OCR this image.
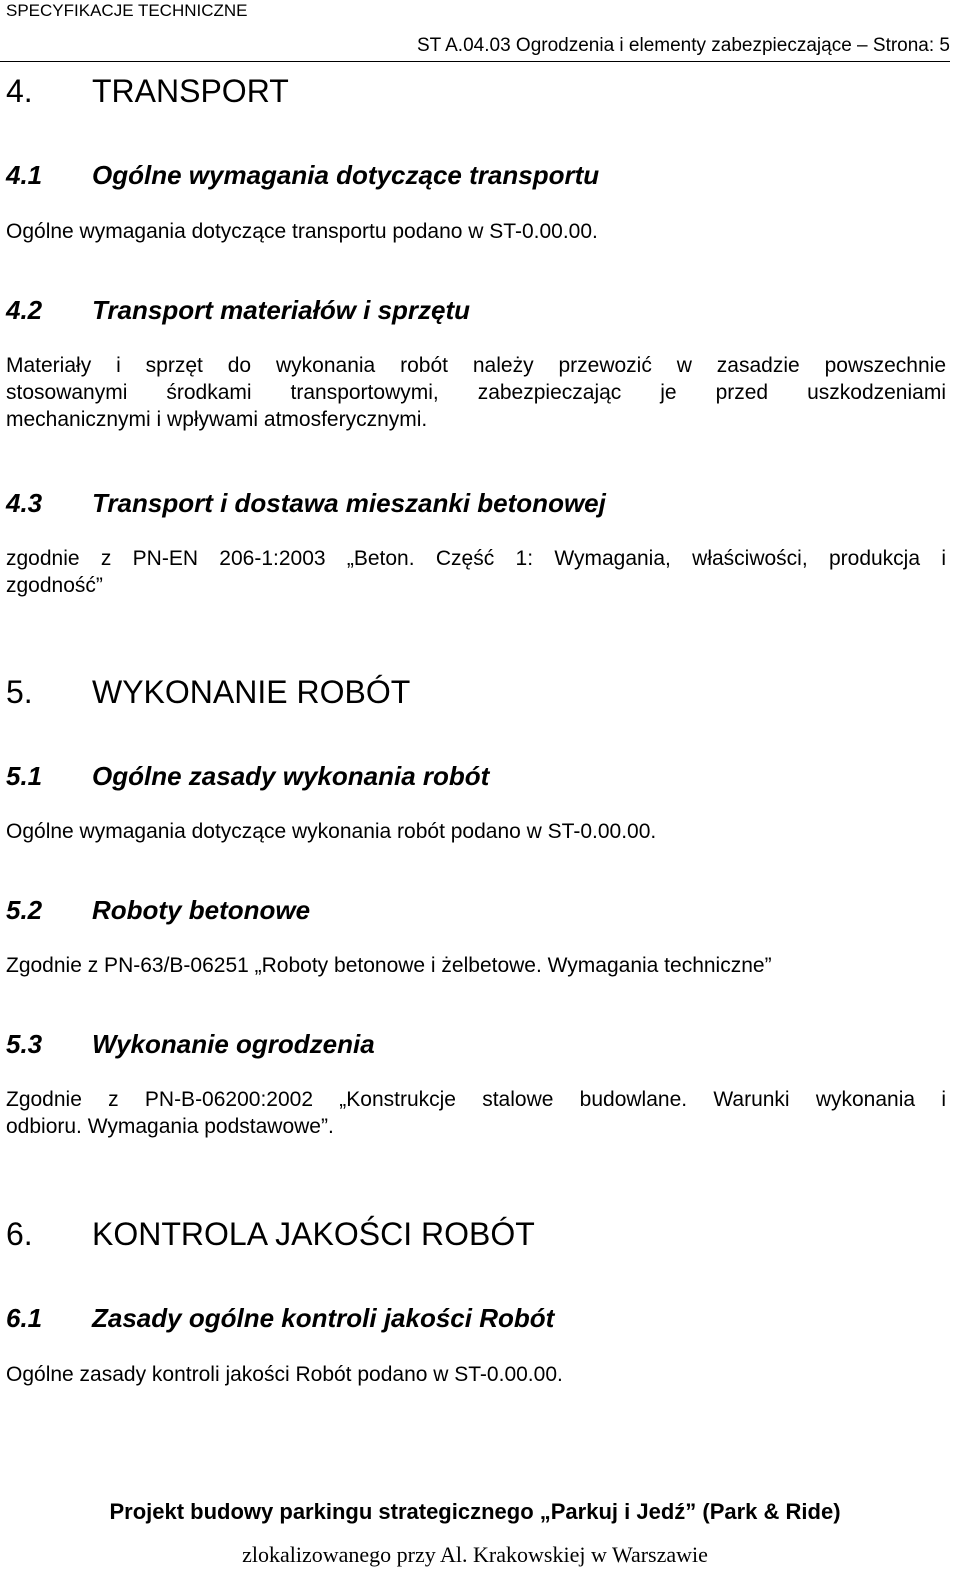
SPECYFIKACJE TECHNICZNE

ST A.04.03 Ogrodzenia i elementy zabezpieczające – Strona: 5

4. TRANSPORT
4.1 Ogólne wymagania dotyczące transportu

Ogólne wymagania dotyczące transportu podano w ST-0.00.00.

4.2 Transport materiałów i sprzętu
Materiały i sprzęt do wykonania robót należy przewozić w zasadzie powszechnie
stosowanymi środkami transportowymi, zabezpieczając je przed uszkodzeniami
mechanicznymi i wpływami atmosferycznymi.
4.3 Transport i dostawa mieszanki betonowej
zgodnie z PN-EN 206-1:2003 „Beton. Część 1: Wymagania, właściwości, produkcja i
zgodność”
5. WYKONANIE ROBÓT
5.1 Ogólne zasady wykonania robót

Ogólne wymagania dotyczące wykonania robót podano w ST-0.00.00.

5.2 Roboty betonowe

Zgodnie z PN-63/B-06251 „Roboty betonowe i żelbetowe. Wymagania techniczne”

5.3 Wykonanie ogrodzenia
Zgodnie z PN-B-06200:2002 „Konstrukcje stalowe budowlane. Warunki wykonania i
odbioru. Wymagania podstawowe”.
6. KONTROLA JAKOŚCI ROBÓT
6.1 Zasady ogólne kontroli jakości Robót

Ogólne zasady kontroli jakości Robót podano w ST-0.00.00.

Projekt budowy parkingu strategicznego „Parkuj i Jedź” (Park & Ride)

zlokalizowanego przy Al. Krakowskiej w Warszawie
